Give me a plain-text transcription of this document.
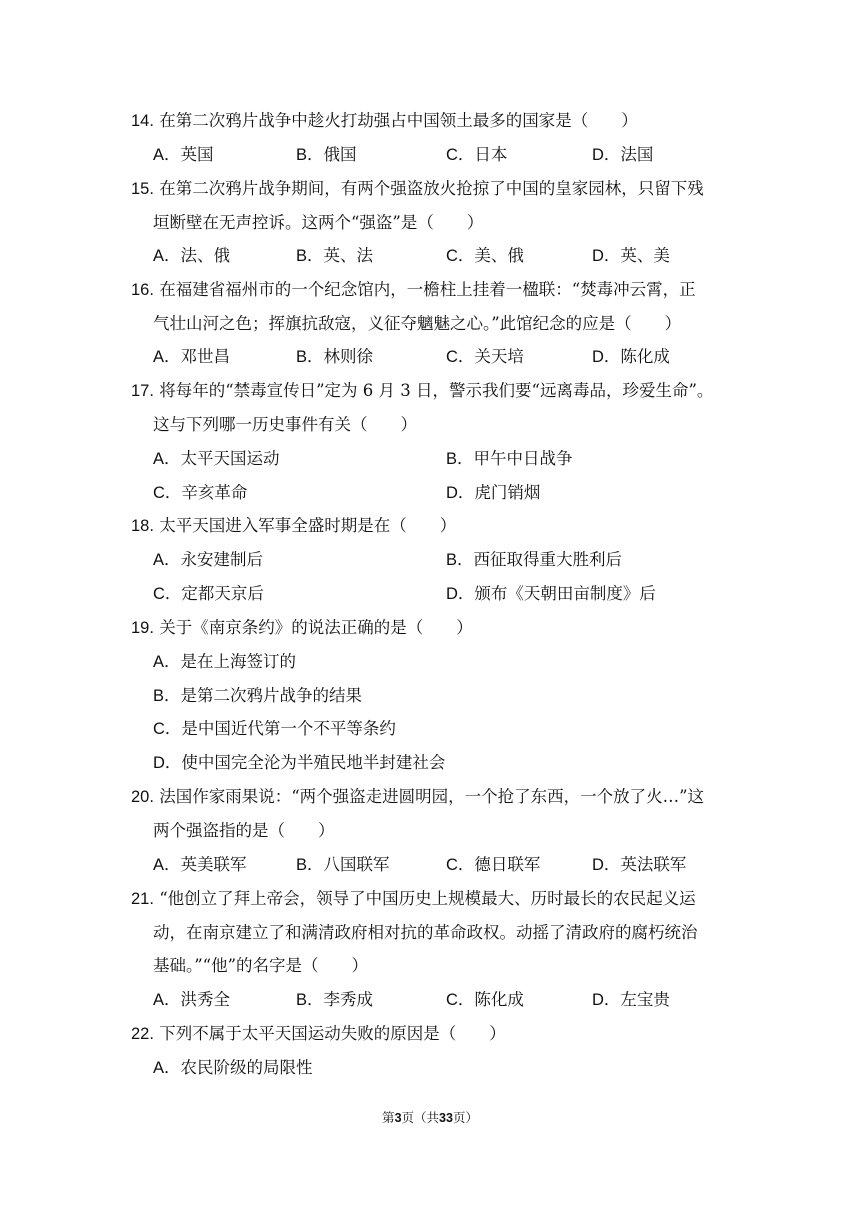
14. 在第二次鸦片战争中趁火打劫强占中国领土最多的国家是（　　）
A．英国	B．俄国	C．日本	D．法国
15. 在第二次鸦片战争期间，有两个强盗放火抢掠了中国的皇家园林，只留下残
垣断壁在无声控诉。这两个“强盗”是（　　）
A．法、俄	B．英、法	C．美、俄	D．英、美
16. 在福建省福州市的一个纪念馆内，一檐柱上挂着一楹联：“焚毒冲云霄，正
气壮山河之色；挥旗抗敌寇，义征夺魑魅之心。”此馆纪念的应是（　　）
A．邓世昌	B．林则徐	C．关天培	D．陈化成
17. 将每年的“禁毒宣传日”定为 6 月 3 日，警示我们要“远离毒品，珍爱生命”。
这与下列哪一历史事件有关（　　）
A．太平天国运动	B．甲午中日战争
C．辛亥革命	D．虎门销烟
18. 太平天国进入军事全盛时期是在（　　）
A．永安建制后	B．西征取得重大胜利后
C．定都天京后	D．颁布《天朝田亩制度》后
19. 关于《南京条约》的说法正确的是（　　）
A．是在上海签订的
B．是第二次鸦片战争的结果
C．是中国近代第一个不平等条约
D．使中国完全沦为半殖民地半封建社会
20. 法国作家雨果说：“两个强盗走进圆明园，一个抢了东西，一个放了火…”这
两个强盗指的是（　　）
A．英美联军	B．八国联军	C．德日联军	D．英法联军
21. “他创立了拜上帝会，领导了中国历史上规模最大、历时最长的农民起义运
动，在南京建立了和满清政府相对抗的革命政权。动摇了清政府的腐朽统治
基础。”“他”的名字是（　　）
A．洪秀全	B．李秀成	C．陈化成	D．左宝贵
22. 下列不属于太平天国运动失败的原因是（　　）
A．农民阶级的局限性
第3页（共33页）
